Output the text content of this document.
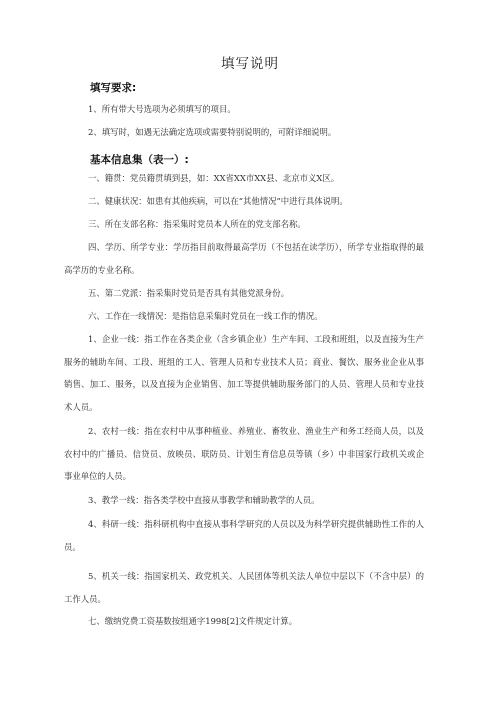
填写说明
填写要求:
1、所有带大号选项为必须填写的项目。
2、填写时，如遇无法确定选项或需要特别说明的，可附详细说明。
基本信息集（表一）:

一、籍贯：党员籍贯填到县，如：XX省XX市XX县、北京市义X区。

二、健康状况：如患有其他疾病，可以在“其他情况”中进行具体说明。

三、所在支部名称：指采集时党员本人所在的党支部名称。

四、学历、所学专业：学历指目前取得最高学历（不包括在读学历），所学专业指取得的最高学历的专业名称。

五、第二党派：指采集时党员是否具有其他党派身份。

六、工作在一线情况：是指信息采集时党员在一线工作的情况。

1、企业一线：指工作在各类企业（含乡镇企业）生产车间、工段和班组，以及直接为生产服务的辅助车间、工段、班组的工人、管理人员和专业技术人员；商业、餐饮、服务业企业从事销售、加工、服务，以及直接为企业销售、加工等提供辅助服务部门的人员、管理人员和专业技术人员。

2、农村一线：指在农村中从事种植业、养殖业、畜牧业、渔业生产和务工经商人员，以及农村中的广播员、信贷员、放映员、联防员、计划生育信息员等镇（乡）中非国家行政机关或企事业单位的人员。

3、教学一线：指各类学校中直接从事教学和辅助教学的人员。

4、科研一线：指科研机构中直接从事科学研究的人员以及为科学研究提供辅助性工作的人员。

5、机关一线：指国家机关、政党机关、人民团体等机关法人单位中层以下（不含中层）的工作人员。

七、缴纳党费工资基数按组通字1998[2]文件规定计算。
